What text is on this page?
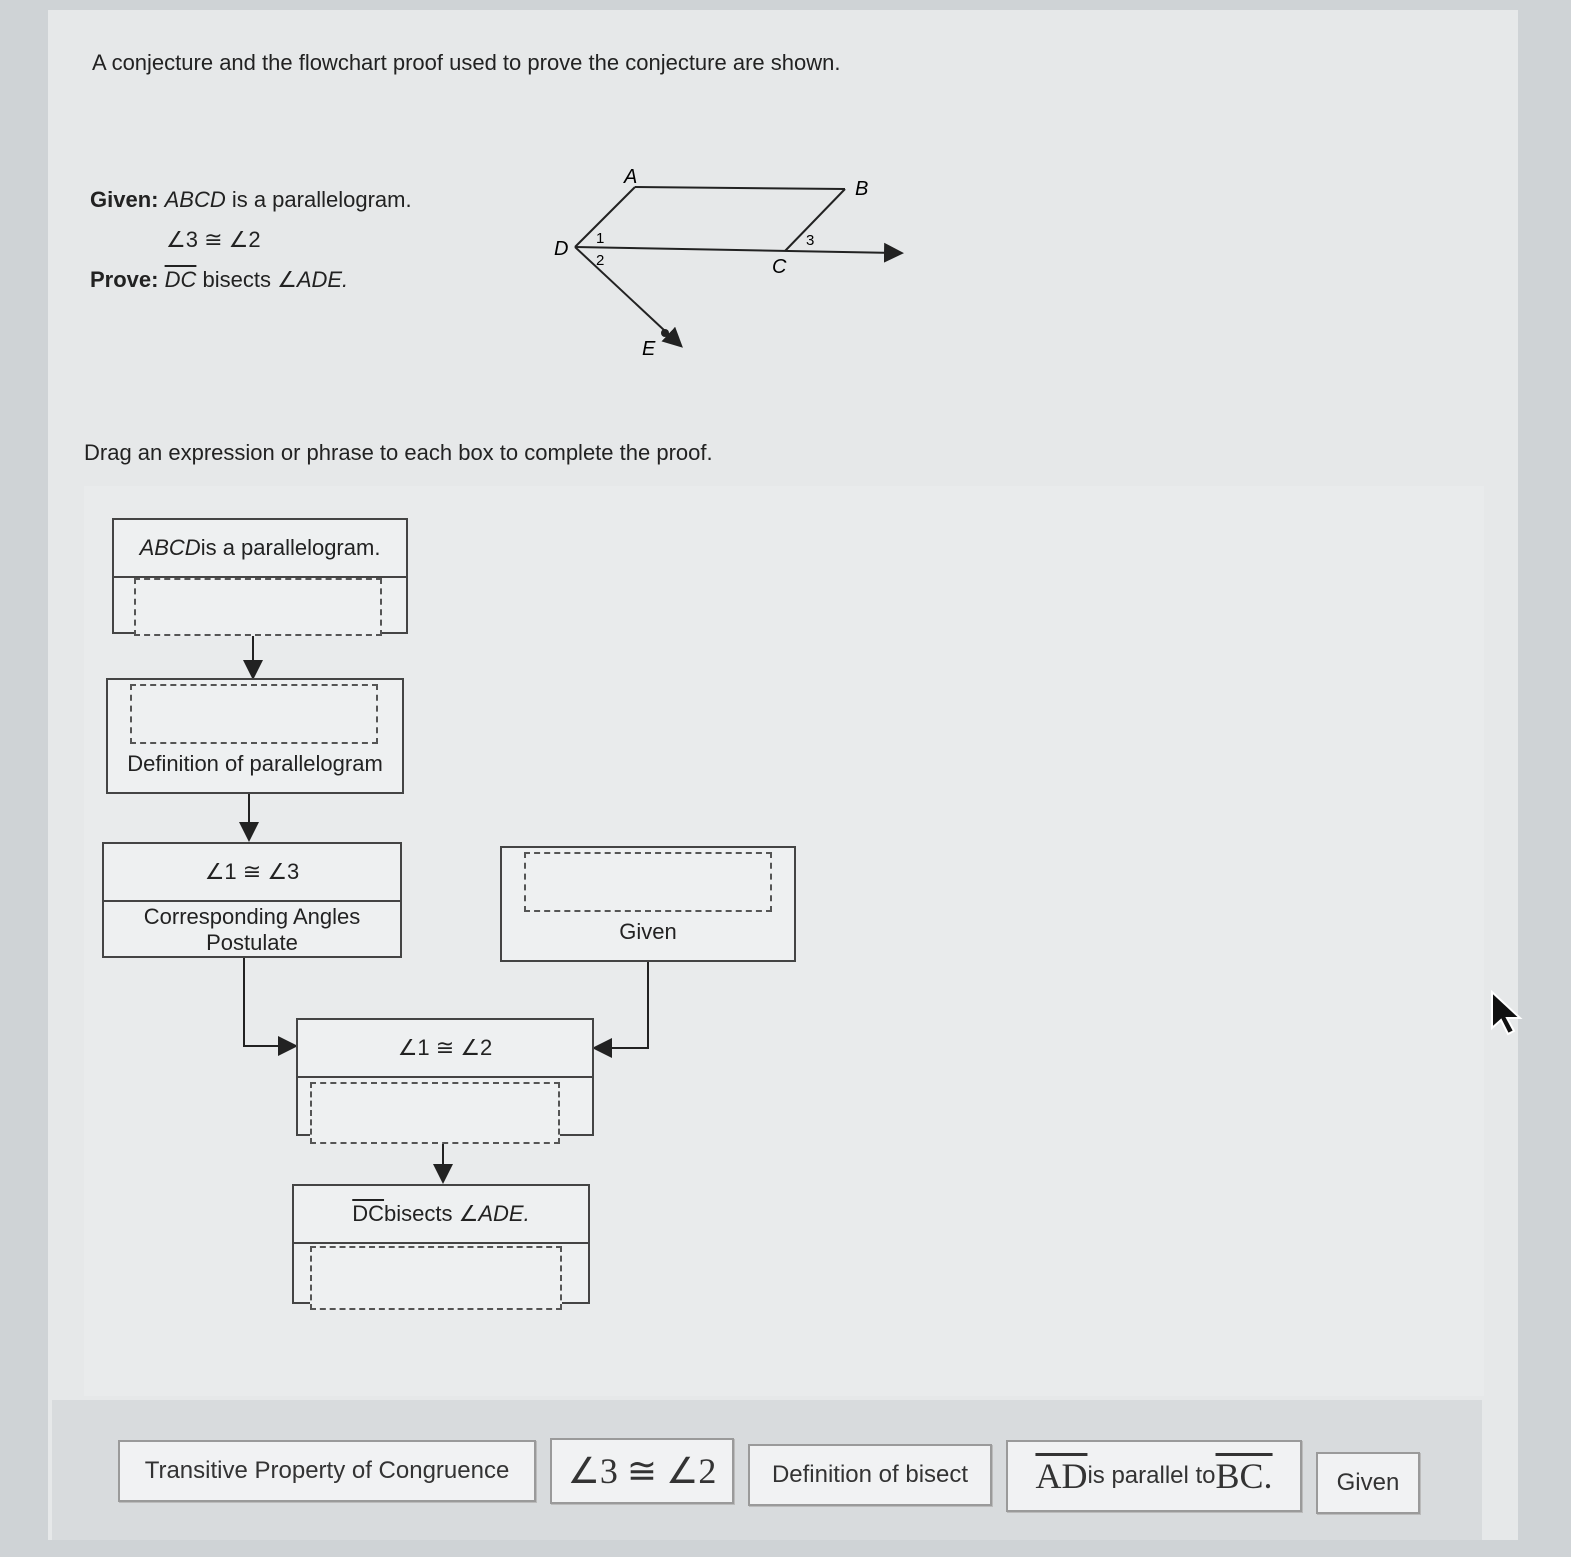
A conjecture and the flowchart proof used to prove the conjecture are shown.
Given: ABCD is a parallelogram.
∠3 ≅ ∠2
Prove: $\overline{DC}$ bisects ∠ADE.
A
B
C
D
E
1
2
3
Drag an expression or phrase to each box to complete the proof.
ABCD is a parallelogram.
Definition of parallelogram
∠1 ≅ ∠3
Corresponding Angles
Postulate	Given
∠1 ≅ ∠2
$\overline{DC}$ bisects ∠ ADE.
Transitive Property of Congruence	∠3 ≅ ∠2	Definition of bisect	$\overline{AD}$ is parallel to BC.	Given
